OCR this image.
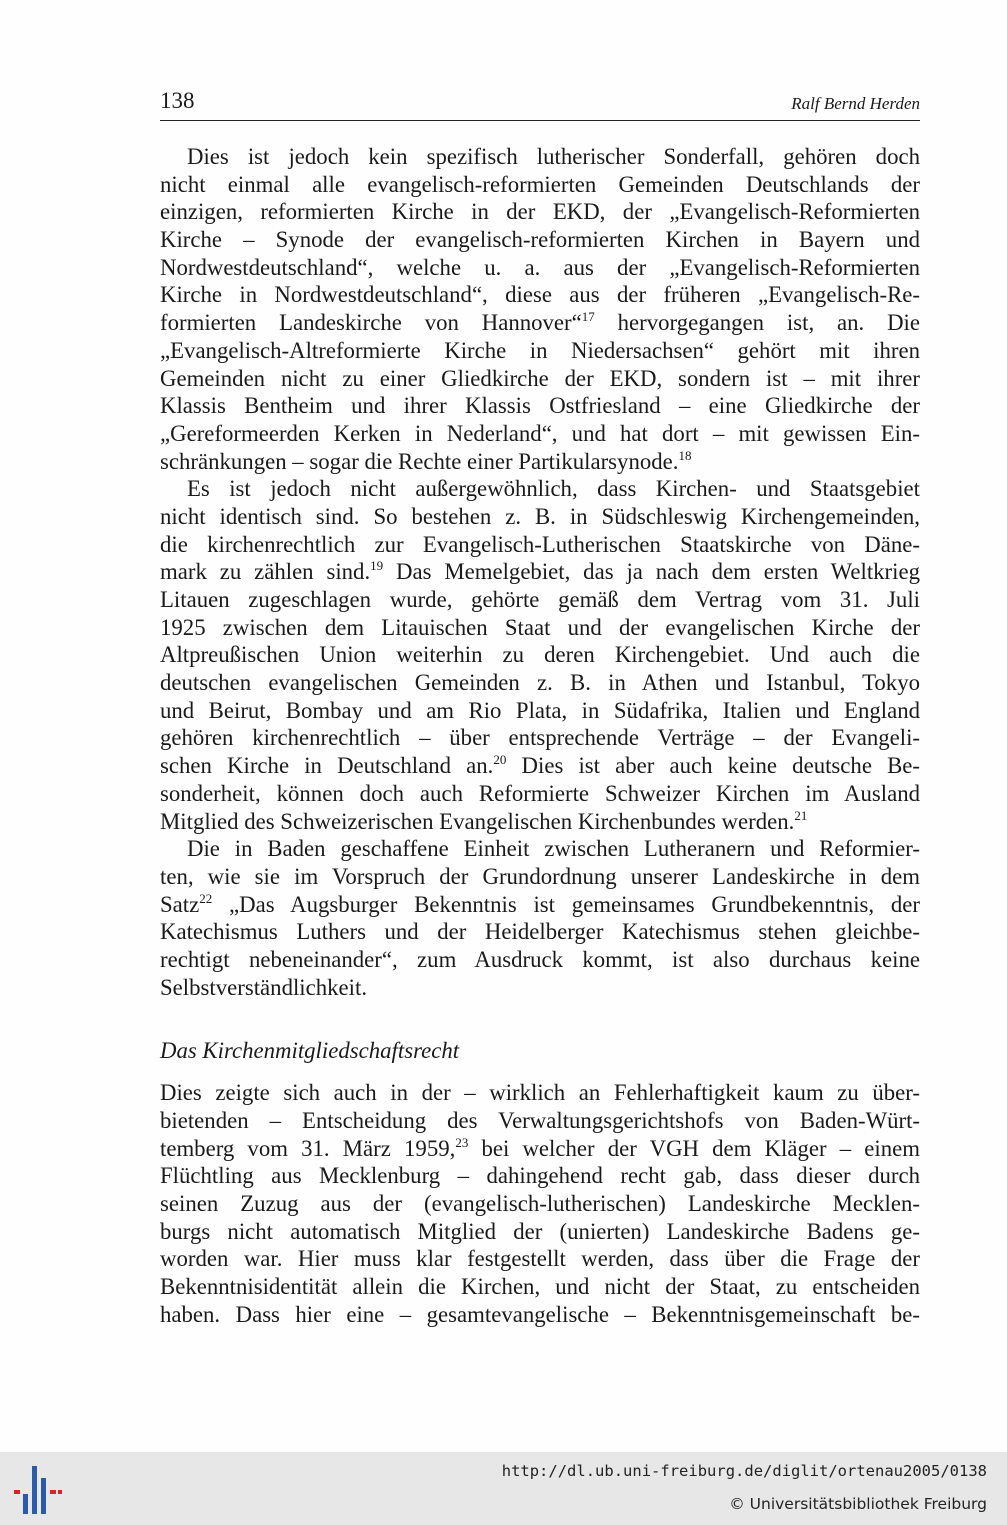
138	Ralf Bernd Herden
Dies ist jedoch kein spezifisch lutherischer Sonderfall, gehören doch
nicht einmal alle evangelisch-reformierten Gemeinden Deutschlands der
einzigen, reformierten Kirche in der EKD, der „Evangelisch-Reformierten
Kirche – Synode der evangelisch-reformierten Kirchen in Bayern und
Nordwestdeutschland“, welche u. a. aus der „Evangelisch-Reformierten
Kirche in Nordwestdeutschland“, diese aus der früheren „Evangelisch-Re-
formierten Landeskirche von Hannover“$^{17}$ hervorgegangen ist, an. Die
„Evangelisch-Altreformierte Kirche in Niedersachsen“ gehört mit ihren
Gemeinden nicht zu einer Gliedkirche der EKD, sondern ist – mit ihrer
Klassis Bentheim und ihrer Klassis Ostfriesland – eine Gliedkirche der
„Gereformeerden Kerken in Nederland“, und hat dort – mit gewissen Ein-
schränkungen – sogar die Rechte einer Partikularsynode.$^{18}$
Es ist jedoch nicht außergewöhnlich, dass Kirchen- und Staatsgebiet
nicht identisch sind. So bestehen z. B. in Südschleswig Kirchengemeinden,
die kirchenrechtlich zur Evangelisch-Lutherischen Staatskirche von Däne-
mark zu zählen sind.$^{19}$ Das Memelgebiet, das ja nach dem ersten Weltkrieg
Litauen zugeschlagen wurde, gehörte gemäß dem Vertrag vom 31. Juli
1925 zwischen dem Litauischen Staat und der evangelischen Kirche der
Altpreußischen Union weiterhin zu deren Kirchengebiet. Und auch die
deutschen evangelischen Gemeinden z. B. in Athen und Istanbul, Tokyo
und Beirut, Bombay und am Rio Plata, in Südafrika, Italien und England
gehören kirchenrechtlich – über entsprechende Verträge – der Evangeli-
schen Kirche in Deutschland an.$^{20}$ Dies ist aber auch keine deutsche Be-
sonderheit, können doch auch Reformierte Schweizer Kirchen im Ausland
Mitglied des Schweizerischen Evangelischen Kirchenbundes werden.$^{21}$
Die in Baden geschaffene Einheit zwischen Lutheranern und Reformier-
ten, wie sie im Vorspruch der Grundordnung unserer Landeskirche in dem
Satz$^{22}$ „Das Augsburger Bekenntnis ist gemeinsames Grundbekenntnis, der
Katechismus Luthers und der Heidelberger Katechismus stehen gleichbe-
rechtigt nebeneinander“, zum Ausdruck kommt, ist also durchaus keine
Selbstverständlichkeit.
Das Kirchenmitgliedschaftsrecht
Dies zeigte sich auch in der – wirklich an Fehlerhaftigkeit kaum zu über-
bietenden – Entscheidung des Verwaltungsgerichtshofs von Baden-Würt-
temberg vom 31. März 1959,23 bei welcher der VGH dem Kläger – einem
Flüchtling aus Mecklenburg – dahingehend recht gab, dass dieser durch
seinen Zuzug aus der (evangelisch-lutherischen) Landeskirche Mecklen-
burgs nicht automatisch Mitglied der (unierten) Landeskirche Badens ge-
worden war. Hier muss klar festgestellt werden, dass über die Frage der
Bekenntnisidentität allein die Kirchen, und nicht der Staat, zu entscheiden
haben. Dass hier eine – gesamtevangelische – Bekenntnisgemeinschaft be-
http://dl.ub.uni-freiburg.de/diglit/ortenau2005/0138
© Universitätsbibliothek Freiburg
